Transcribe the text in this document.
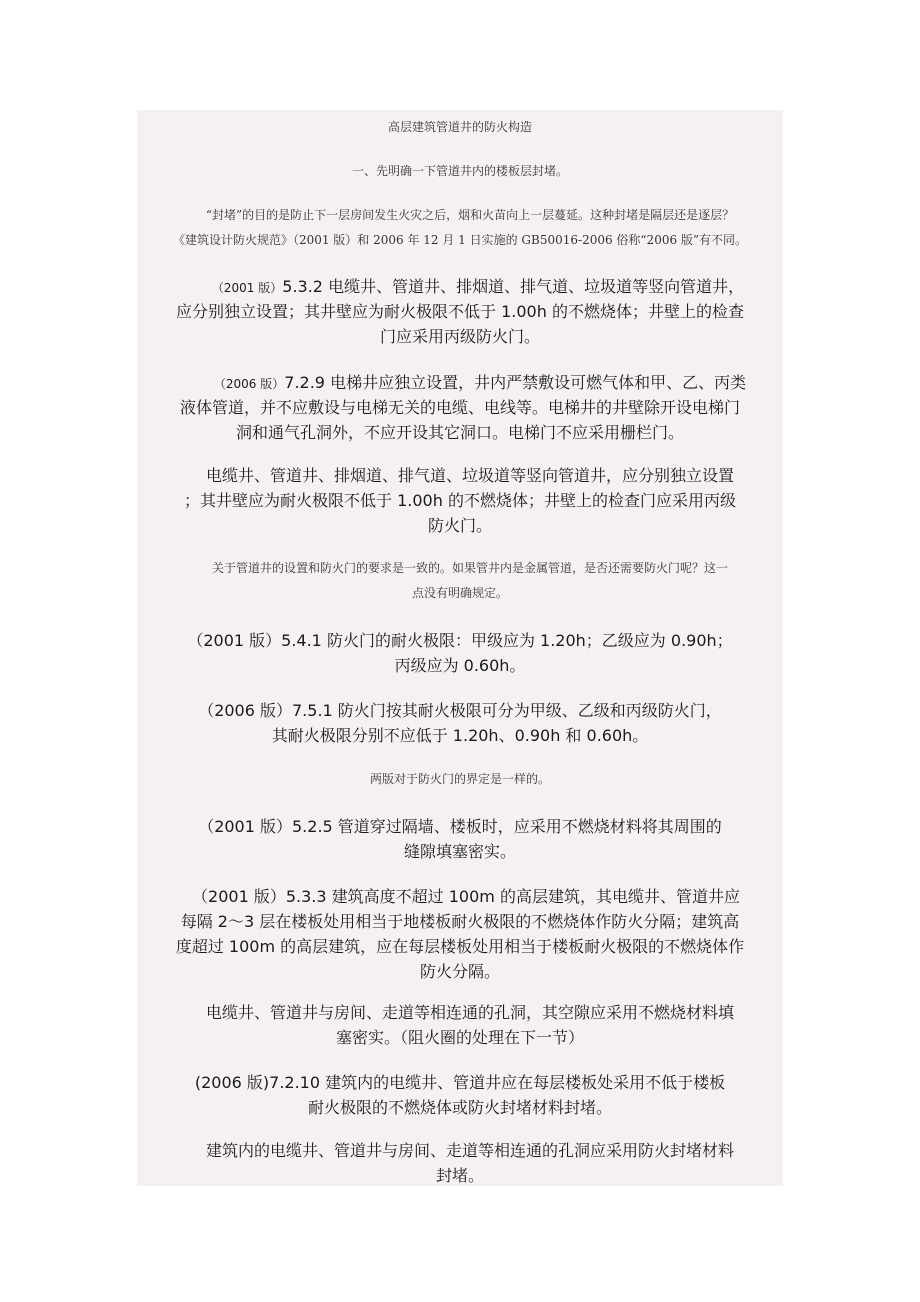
高层建筑管道井的防火构造
一、先明确一下管道井内的楼板层封堵。
“封堵”的目的是防止下一层房间发生火灾之后，烟和火苗向上一层蔓延。这种封堵是隔层还是逐层？
《建筑设计防火规范》（2001 版）和 2006 年 12 月 1 日实施的 GB50016-2006 俗称“2006 版”有不同。
（2001 版）5.3.2 电缆井、管道井、排烟道、排气道、垃圾道等竖向管道井，
应分别独立设置；其井壁应为耐火极限不低于 1.00h 的不燃烧体；井壁上的检查
门应采用丙级防火门。
（2006 版）7.2.9 电梯井应独立设置，井内严禁敷设可燃气体和甲、乙、丙类
液体管道，并不应敷设与电梯无关的电缆、电线等。电梯井的井壁除开设电梯门
洞和通气孔洞外，不应开设其它洞口。电梯门不应采用栅栏门。
电缆井、管道井、排烟道、排气道、垃圾道等竖向管道井，应分别独立设置
；其井壁应为耐火极限不低于 1.00h 的不燃烧体；井壁上的检查门应采用丙级
防火门。
关于管道井的设置和防火门的要求是一致的。如果管井内是金属管道，是否还需要防火门呢？这一
点没有明确规定。
（2001 版）5.4.1 防火门的耐火极限：甲级应为 1.20h；乙级应为 0.90h；
丙级应为 0.60h。
（2006 版）7.5.1 防火门按其耐火极限可分为甲级、乙级和丙级防火门，
其耐火极限分别不应低于 1.20h、0.90h 和 0.60h。
两版对于防火门的界定是一样的。
（2001 版）5.2.5 管道穿过隔墙、楼板时，应采用不燃烧材料将其周围的
缝隙填塞密实。
（2001 版）5.3.3 建筑高度不超过 100m 的高层建筑，其电缆井、管道井应
每隔 2～3 层在楼板处用相当于地楼板耐火极限的不燃烧体作防火分隔；建筑高
度超过 100m 的高层建筑，应在每层楼板处用相当于楼板耐火极限的不燃烧体作
防火分隔。
电缆井、管道井与房间、走道等相连通的孔洞，其空隙应采用不燃烧材料填
塞密实。（阻火圈的处理在下一节）
(2006 版)7.2.10 建筑内的电缆井、管道井应在每层楼板处采用不低于楼板
耐火极限的不燃烧体或防火封堵材料封堵。
建筑内的电缆井、管道井与房间、走道等相连通的孔洞应采用防火封堵材料
封堵。
